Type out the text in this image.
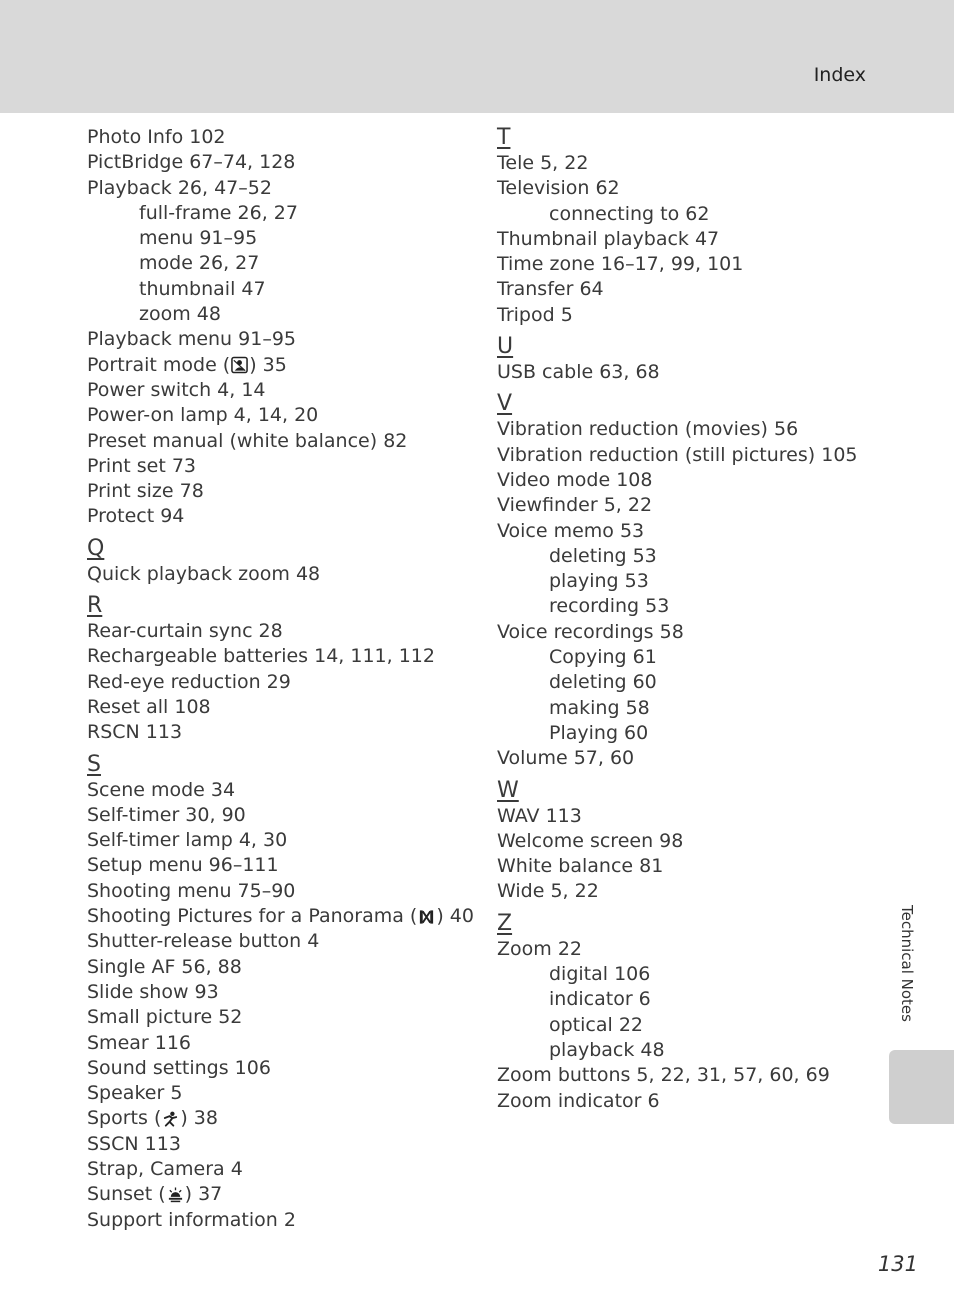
Index
Photo Info 102
PictBridge 67–74, 128
Playback 26, 47–52
full-frame 26, 27
menu 91–95
mode 26, 27
thumbnail 47
zoom 48
Playback menu 91–95
Portrait mode ( ) 35
Power switch 4, 14
Power-on lamp 4, 14, 20
Preset manual (white balance) 82
Print set 73
Print size 78
Protect 94
Q
Quick playback zoom 48
R
Rear-curtain sync 28
Rechargeable batteries 14, 111, 112
Red-eye reduction 29
Reset all 108
RSCN 113
S
Scene mode 34
Self-timer 30, 90
Self-timer lamp 4, 30
Setup menu 96–111
Shooting menu 75–90
Shooting Pictures for a Panorama ( ) 40
Shutter-release button 4
Single AF 56, 88
Slide show 93
Small picture 52
Smear 116
Sound settings 106
Speaker 5
Sports ( ) 38
SSCN 113
Strap, Camera 4
Sunset ( ) 37
Support information 2
T
Tele 5, 22
Television 62
connecting to 62
Thumbnail playback 47
Time zone 16–17, 99, 101
Transfer 64
Tripod 5
U
USB cable 63, 68
V
Vibration reduction (movies) 56
Vibration reduction (still pictures) 105
Video mode 108
Viewfinder 5, 22
Voice memo 53
deleting 53
playing 53
recording 53
Voice recordings 58
Copying 61
deleting 60
making 58
Playing 60
Volume 57, 60
W
WAV 113
Welcome screen 98
White balance 81
Wide 5, 22
Z
Zoom 22
digital 106
indicator 6
optical 22
playback 48
Zoom buttons 5, 22, 31, 57, 60, 69
Zoom indicator 6
Technical Notes
131
